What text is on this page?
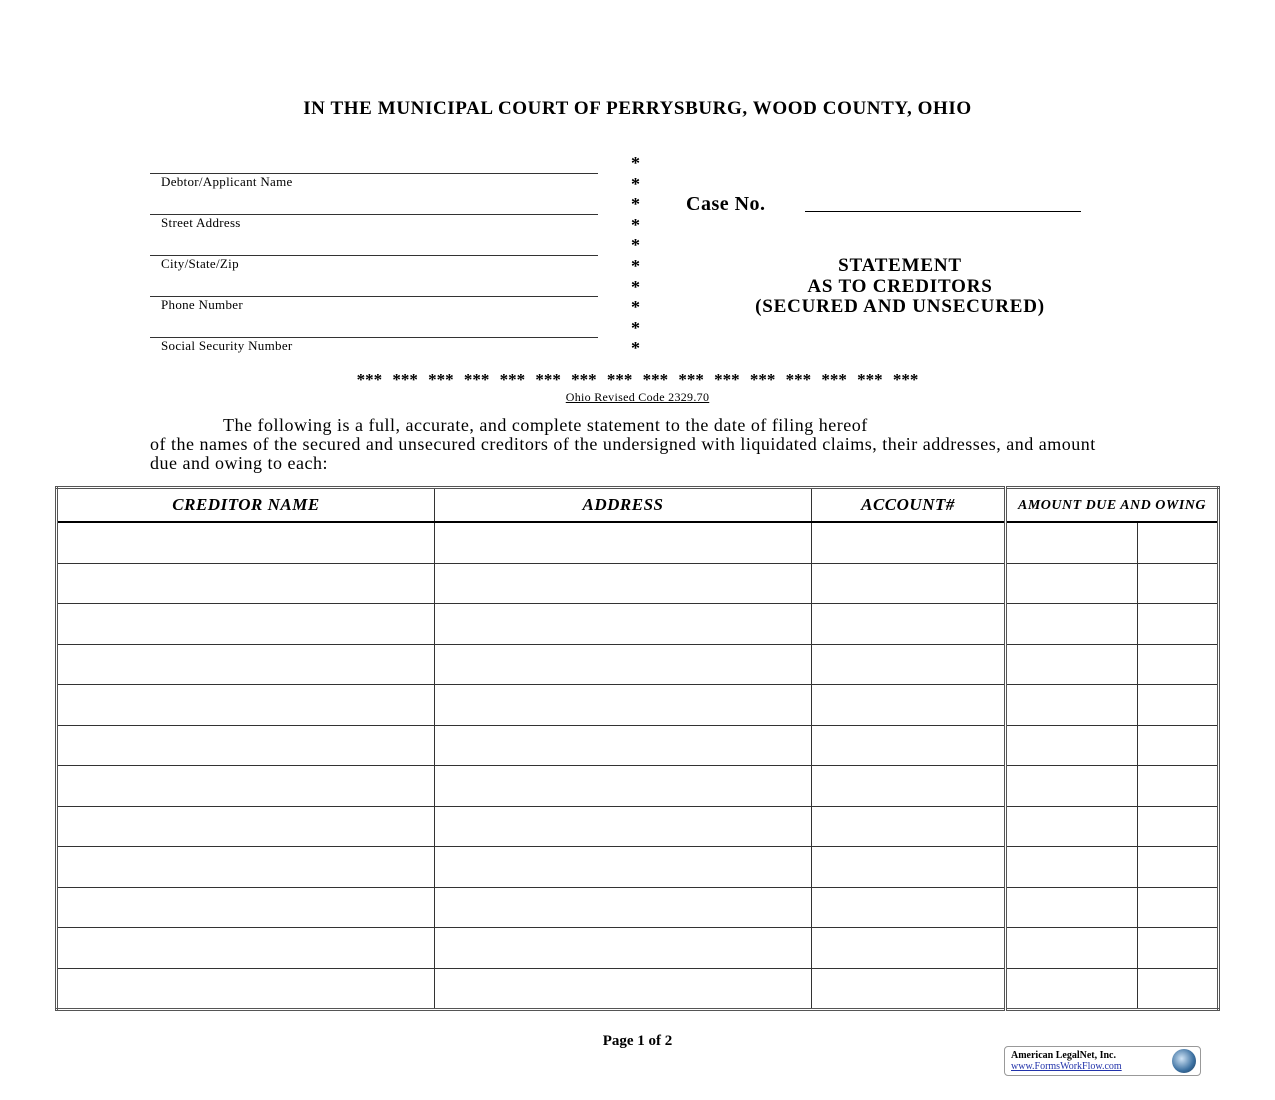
IN THE MUNICIPAL COURT OF PERRYSBURG, WOOD COUNTY, OHIO
Case No.
STATEMENT
AS TO CREDITORS
(SECURED AND UNSECURED)
*** *** *** *** *** *** *** *** *** *** *** *** *** *** *** ***
Ohio Revised Code 2329.70
The following is a full, accurate, and complete statement to the date of filing hereof
of the names of the secured and unsecured creditors of the undersigned with liquidated claims, their addresses, and amount due and owing to each:
CREDITOR NAME	ADDRESS	ACCOUNT#	AMOUNT DUE AND OWING	

Page 1 of 2
American LegalNet, Inc.
www.FormsWorkFlow.com
Debtor/Applicant Name
Street Address
City/State/Zip
Phone Number
Social Security Number
*
*
*
*
*
*
*
*
*
*
